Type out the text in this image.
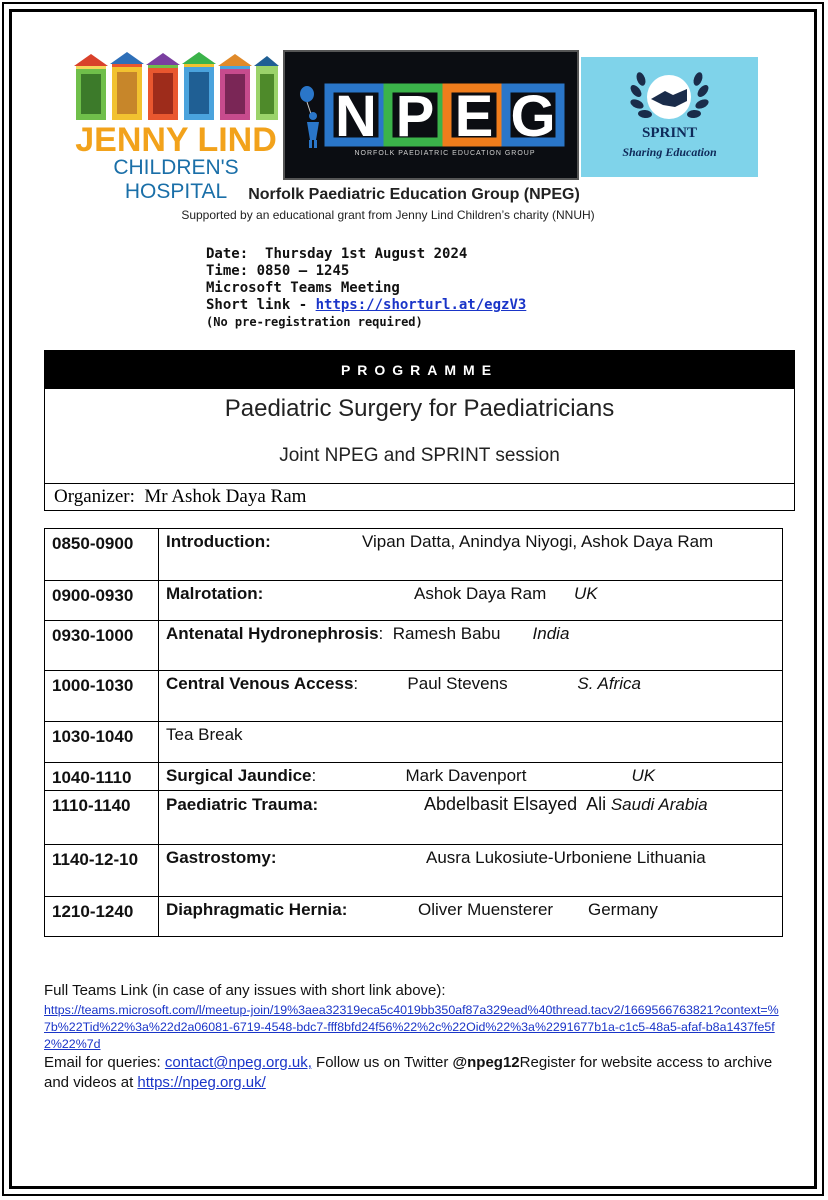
JENNY LIND
CHILDREN'S HOSPITAL
N P E G
NORFOLK PAEDIATRIC EDUCATION GROUP
SPRINT
Sharing Education
Norfolk Paediatric Education Group (NPEG)
Supported by an educational grant from Jenny Lind Children’s charity (NNUH)
Date: Thursday 1st August 2024
Time: 0850 – 1245
Microsoft Teams Meeting
Short link - https://shorturl.at/egzV3
(No pre-registration required)
PROGRAMME
Paediatric Surgery for Paediatricians
Joint NPEG and SPRINT session
Organizer: Mr Ashok Daya Ram
0850-0900	Introduction: Vipan Datta, Anindya Niyogi, Ashok Daya Ram
0900-0930	Malrotation: Ashok Daya Ram UK
0930-1000	Antenatal Hydronephrosis:  Ramesh Babu India
1000-1030	Central Venous Access: Paul Stevens S. Africa
1030-1040	Tea Break
1040-1110	Surgical Jaundice: Mark Davenport UK
1110-1140	Paediatric Trauma: Abdelbasit Elsayed  Ali Saudi Arabia
1140-12-10	Gastrostomy: Ausra Lukosiute-Urboniene Lithuania
1210-1240	Diaphragmatic Hernia: Oliver Muensterer Germany
Full Teams Link (in case of any issues with short link above):
https://teams.microsoft.com/l/meetup-join/19%3aea32319eca5c4019bb350af87a329ead%40thread.tacv2/1669566763821?context=%7b%22Tid%22%3a%22d2a06081-6719-4548-bdc7-fff8bfd24f56%22%2c%22Oid%22%3a%2291677b1a-c1c5-48a5-afaf-b8a1437fe5f2%22%7d
Email for queries: contact@npeg.org.uk, Follow us on Twitter @npeg12Register for website access to archive and videos at https://npeg.org.uk/
